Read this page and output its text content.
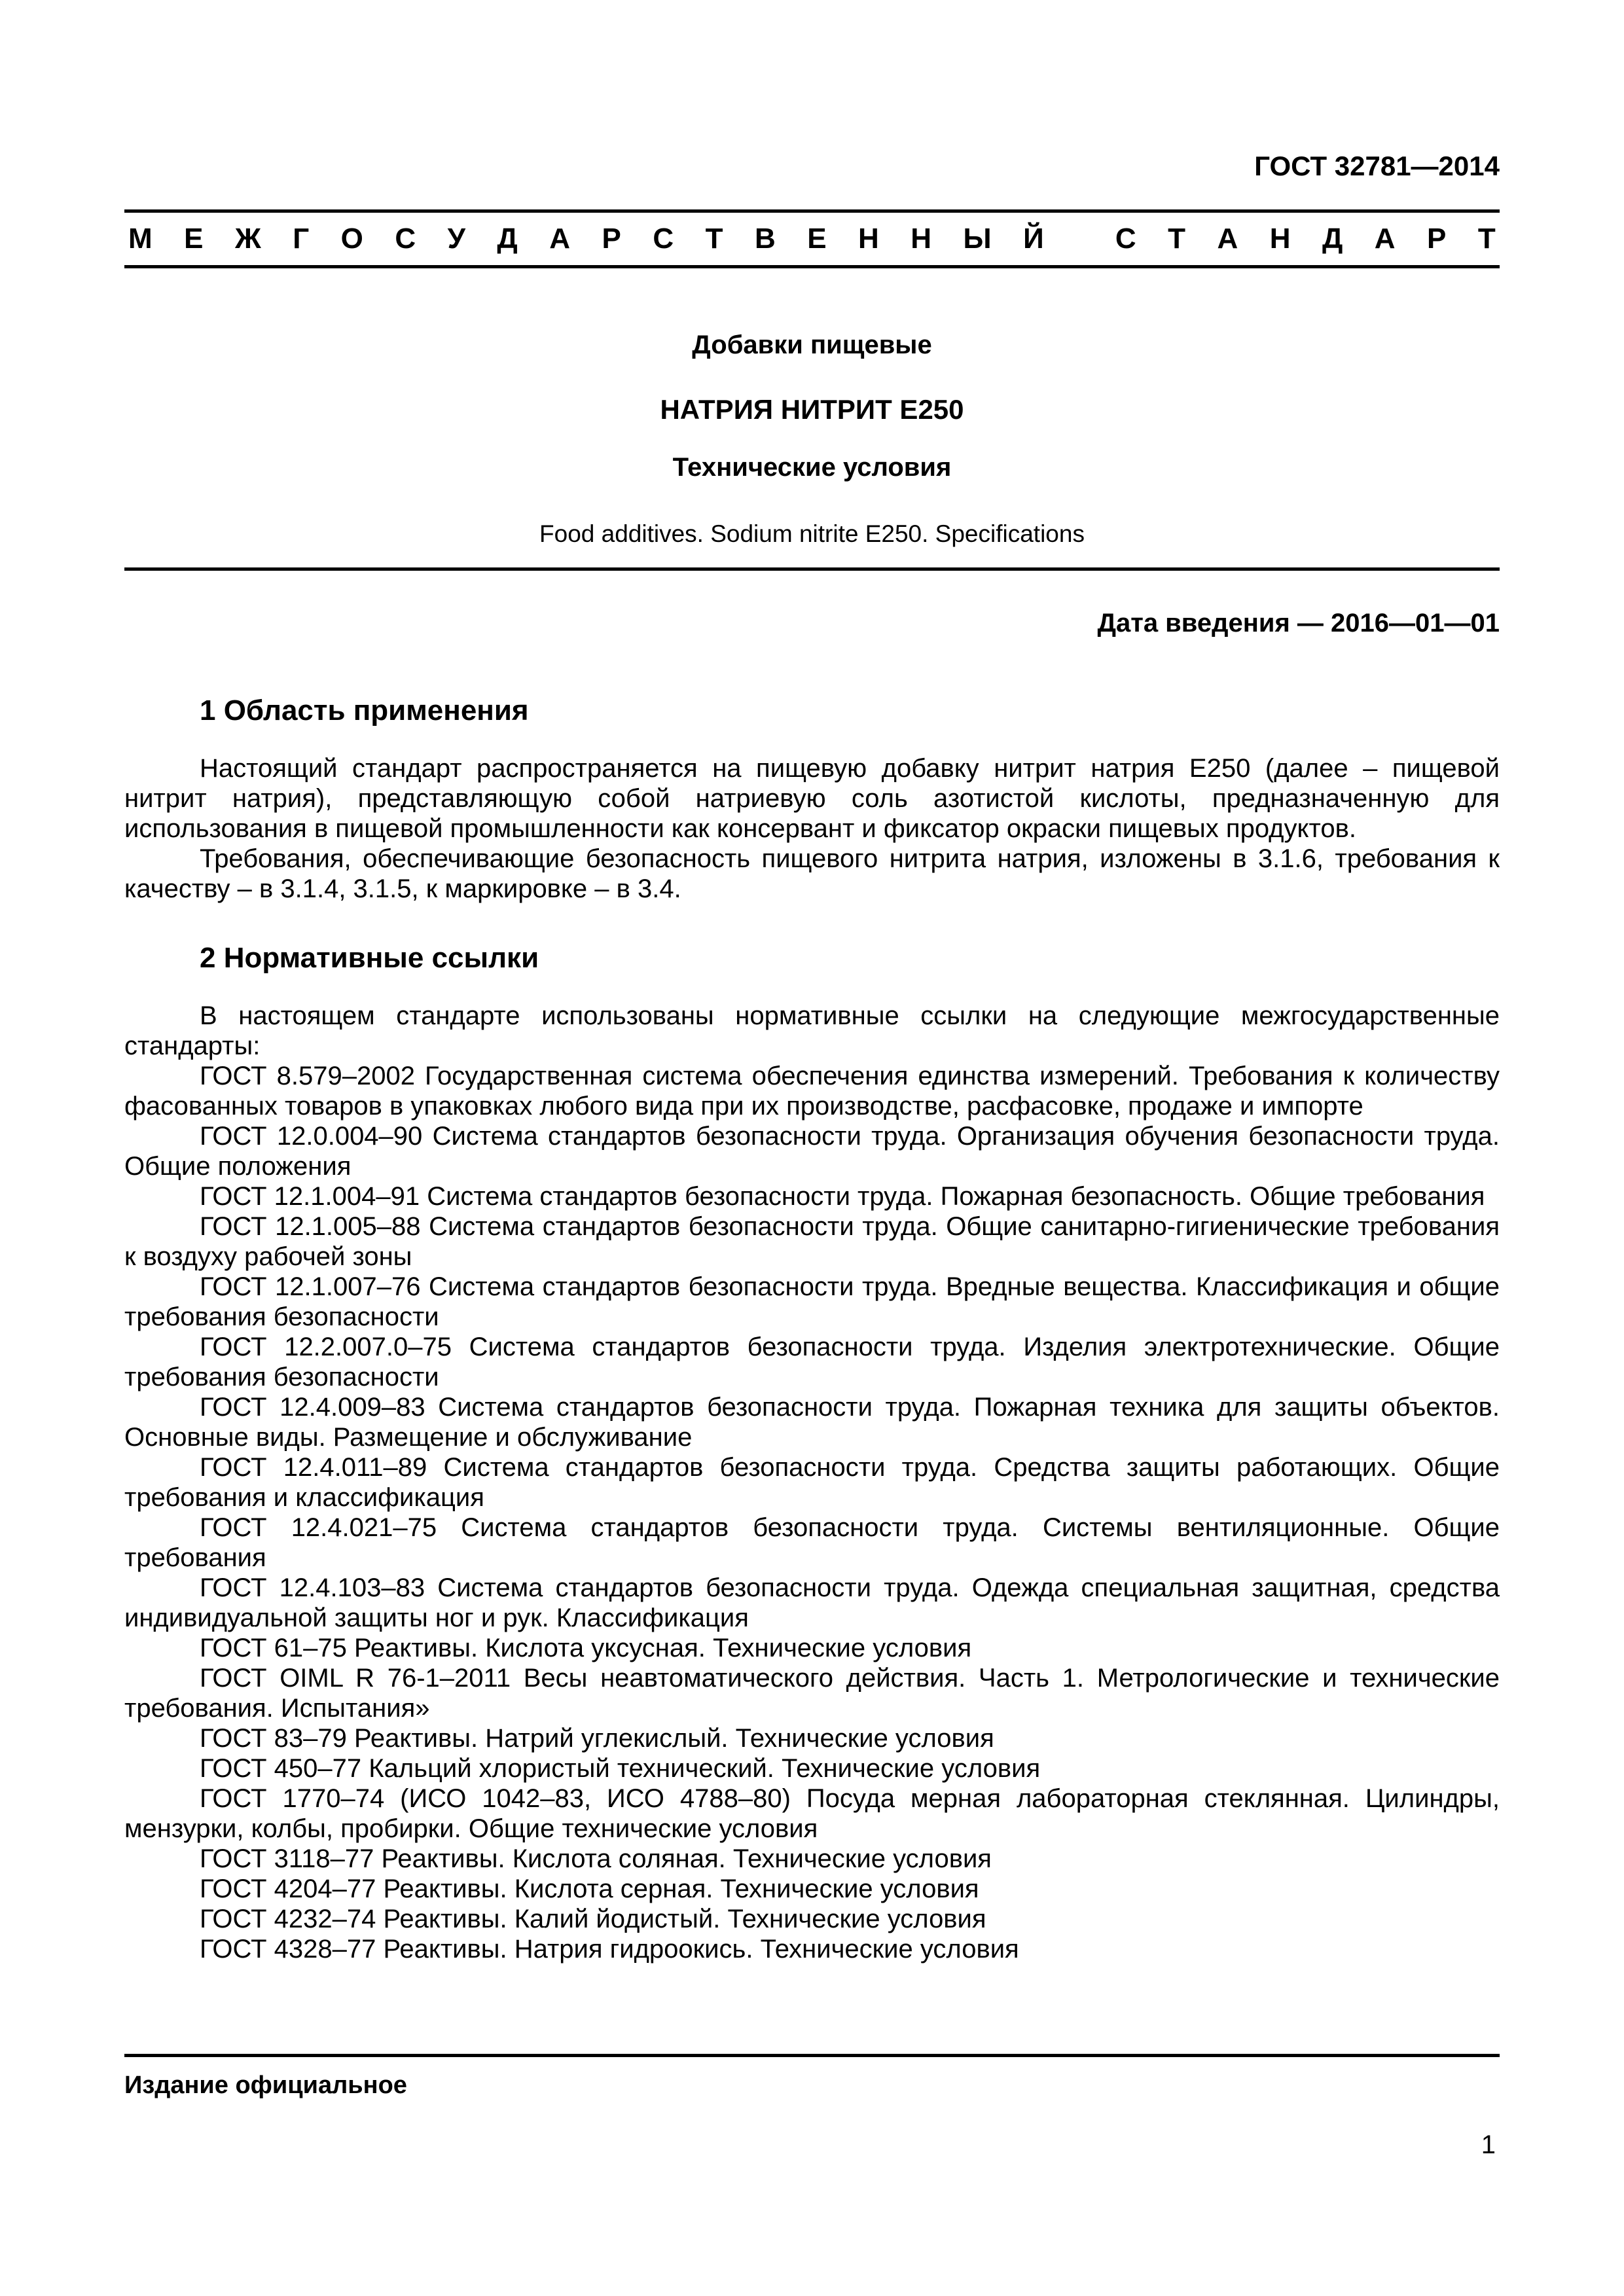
ГОСТ 32781—2014
М Е Ж Г О С У Д А Р С Т В Е Н Н Ы Й
С Т А Н Д А Р Т
Добавки пищевые
НАТРИЯ НИТРИТ Е250
Технические условия
Food additives. Sodium nitrite E250. Specifications
Дата введения — 2016—01—01
1 Область применения

Настоящий стандарт распространяется на пищевую добавку нитрит натрия Е250 (далее – пищевой нитрит натрия), представляющую собой натриевую соль азотистой кислоты, предназначенную для использования в пищевой промышленности как консервант и фиксатор окраски пищевых продуктов.

Требования, обеспечивающие безопасность пищевого нитрита натрия, изложены в 3.1.6, требования к качеству – в 3.1.4, 3.1.5, к маркировке – в 3.4.

2 Нормативные ссылки

В настоящем стандарте использованы нормативные ссылки на следующие межгосударственные стандарты:

ГОСТ 8.579–2002 Государственная система обеспечения единства измерений. Требования к количеству фасованных товаров в упаковках любого вида при их производстве, расфасовке, продаже и импорте

ГОСТ 12.0.004–90 Система стандартов безопасности труда. Организация обучения безопасности труда. Общие положения

ГОСТ 12.1.004–91 Система стандартов безопасности труда. Пожарная безопасность. Общие требования

ГОСТ 12.1.005–88 Система стандартов безопасности труда. Общие санитарно-гигиенические требования к воздуху рабочей зоны

ГОСТ 12.1.007–76 Система стандартов безопасности труда. Вредные вещества. Классификация и общие требования безопасности

ГОСТ 12.2.007.0–75 Система стандартов безопасности труда. Изделия электротехнические. Общие требования безопасности

ГОСТ 12.4.009–83 Система стандартов безопасности труда. Пожарная техника для защиты объектов. Основные виды. Размещение и обслуживание

ГОСТ 12.4.011–89 Система стандартов безопасности труда. Средства защиты работающих. Общие требования и классификация

ГОСТ 12.4.021–75 Система стандартов безопасности труда. Системы вентиляционные. Общие требования

ГОСТ 12.4.103–83 Система стандартов безопасности труда. Одежда специальная защитная, средства индивидуальной защиты ног и рук. Классификация

ГОСТ 61–75 Реактивы. Кислота уксусная. Технические условия

ГОСТ OIML R 76-1–2011 Весы неавтоматического действия. Часть 1. Метрологические и технические требования. Испытания»

ГОСТ 83–79 Реактивы. Натрий углекислый. Технические условия

ГОСТ 450–77 Кальций хлористый технический. Технические условия

ГОСТ 1770–74 (ИСО 1042–83, ИСО 4788–80) Посуда мерная лабораторная стеклянная. Цилиндры, мензурки, колбы, пробирки. Общие технические условия

ГОСТ 3118–77 Реактивы. Кислота соляная. Технические условия

ГОСТ 4204–77 Реактивы. Кислота серная. Технические условия

ГОСТ 4232–74 Реактивы. Калий йодистый. Технические условия

ГОСТ 4328–77 Реактивы. Натрия гидроокись. Технические условия

Издание официальное
1
